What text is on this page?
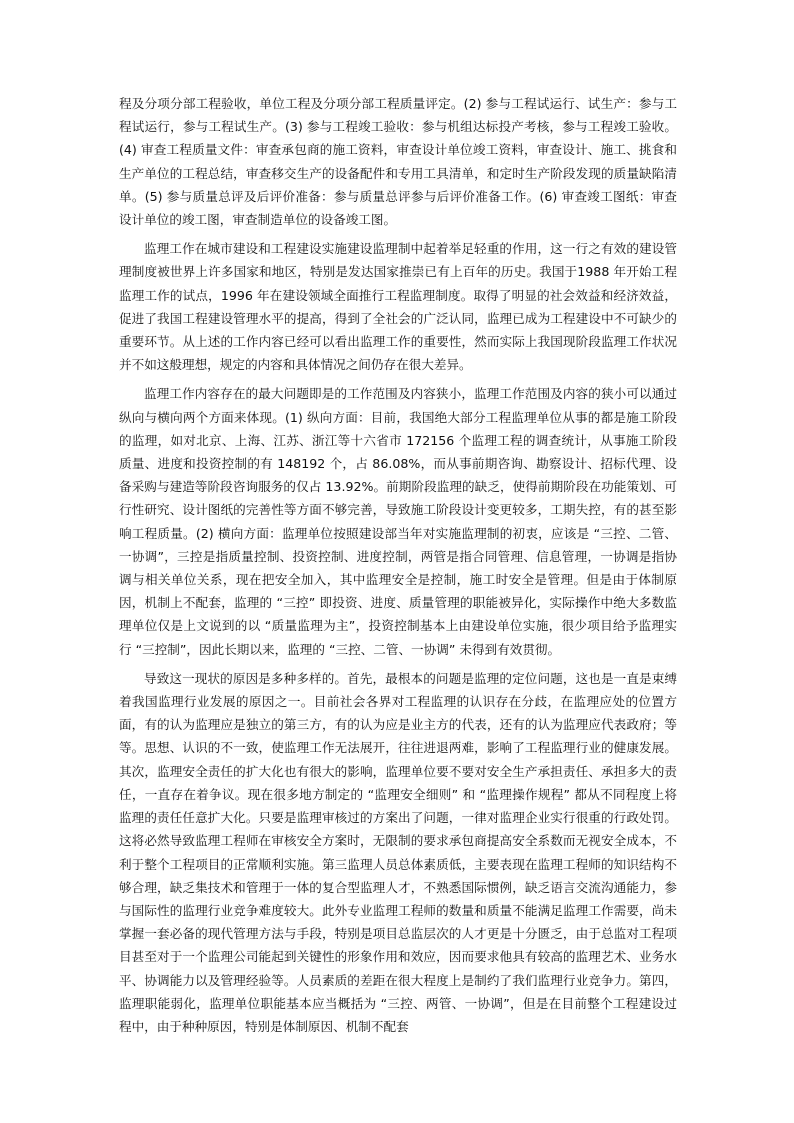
程及分项分部工程验收，单位工程及分项分部工程质量评定。(2) 参与工程试运行、试生产：参与工程试运行，参与工程试生产。(3) 参与工程竣工验收：参与机组达标投产考核，参与工程竣工验收。(4) 审查工程质量文件：审查承包商的施工资料，审查设计单位竣工资料，审查设计、施工、挑食和生产单位的工程总结，审查移交生产的设备配件和专用工具清单，和定时生产阶段发现的质量缺陷清单。(5) 参与质量总评及后评价准备：参与质量总评参与后评价准备工作。(6) 审查竣工图纸：审查设计单位的竣工图，审查制造单位的设备竣工图。

监理工作在城市建设和工程建设实施建设监理制中起着举足轻重的作用，这一行之有效的建设管理制度被世界上许多国家和地区，特别是发达国家推崇已有上百年的历史。我国于1988 年开始工程监理工作的试点，1996 年在建设领域全面推行工程监理制度。取得了明显的社会效益和经济效益，促进了我国工程建设管理水平的提高，得到了全社会的广泛认同，监理已成为工程建设中不可缺少的重要环节。从上述的工作内容已经可以看出监理工作的重要性，然而实际上我国现阶段监理工作状况并不如这般理想，规定的内容和具体情况之间仍存在很大差异。

监理工作内容存在的最大问题即是的工作范围及内容狭小，监理工作范围及内容的狭小可以通过纵向与横向两个方面来体现。(1) 纵向方面：目前，我国绝大部分工程监理单位从事的都是施工阶段的监理，如对北京、上海、江苏、浙江等十六省市 172156 个监理工程的调查统计，从事施工阶段质量、进度和投资控制的有 148192 个，占 86.08%，而从事前期咨询、勘察设计、招标代理、设备采购与建造等阶段咨询服务的仅占 13.92%。前期阶段监理的缺乏，使得前期阶段在功能策划、可行性研究、设计图纸的完善性等方面不够完善，导致施工阶段设计变更较多，工期失控，有的甚至影响工程质量。(2) 横向方面：监理单位按照建设部当年对实施监理制的初衷，应该是 “三控、二管、一协调”，三控是指质量控制、投资控制、进度控制，两管是指合同管理、信息管理，一协调是指协调与相关单位关系，现在把安全加入，其中监理安全是控制，施工时安全是管理。但是由于体制原因，机制上不配套，监理的 “三控” 即投资、进度、质量管理的职能被异化，实际操作中绝大多数监理单位仅是上文说到的以 “质量监理为主”，投资控制基本上由建设单位实施，很少项目给予监理实行 “三控制”，因此长期以来，监理的 “三控、二管、一协调” 未得到有效贯彻。

导致这一现状的原因是多种多样的。首先，最根本的问题是监理的定位问题，这也是一直是束缚着我国监理行业发展的原因之一。目前社会各界对工程监理的认识存在分歧，在监理应处的位置方面，有的认为监理应是独立的第三方，有的认为应是业主方的代表，还有的认为监理应代表政府；等等。思想、认识的不一致，使监理工作无法展开，往往进退两难，影响了工程监理行业的健康发展。其次，监理安全责任的扩大化也有很大的影响，监理单位要不要对安全生产承担责任、承担多大的责任，一直存在着争议。现在很多地方制定的 “监理安全细则” 和 “监理操作规程” 都从不同程度上将监理的责任任意扩大化。只要是监理审核过的方案出了问题，一律对监理企业实行很重的行政处罚。这将必然导致监理工程师在审核安全方案时，无限制的要求承包商提高安全系数而无视安全成本，不利于整个工程项目的正常顺利实施。第三监理人员总体素质低，主要表现在监理工程师的知识结构不够合理，缺乏集技术和管理于一体的复合型监理人才，不熟悉国际惯例，缺乏语言交流沟通能力，参与国际性的监理行业竞争难度较大。此外专业监理工程师的数量和质量不能满足监理工作需要，尚未掌握一套必备的现代管理方法与手段，特别是项目总监层次的人才更是十分匮乏，由于总监对工程项目甚至对于一个监理公司能起到关键性的形象作用和效应，因而要求他具有较高的监理艺术、业务水平、协调能力以及管理经验等。人员素质的差距在很大程度上是制约了我们监理行业竞争力。第四，监理职能弱化，监理单位职能基本应当概括为 “三控、两管、一协调”，但是在目前整个工程建设过程中，由于种种原因，特别是体制原因、机制不配套
